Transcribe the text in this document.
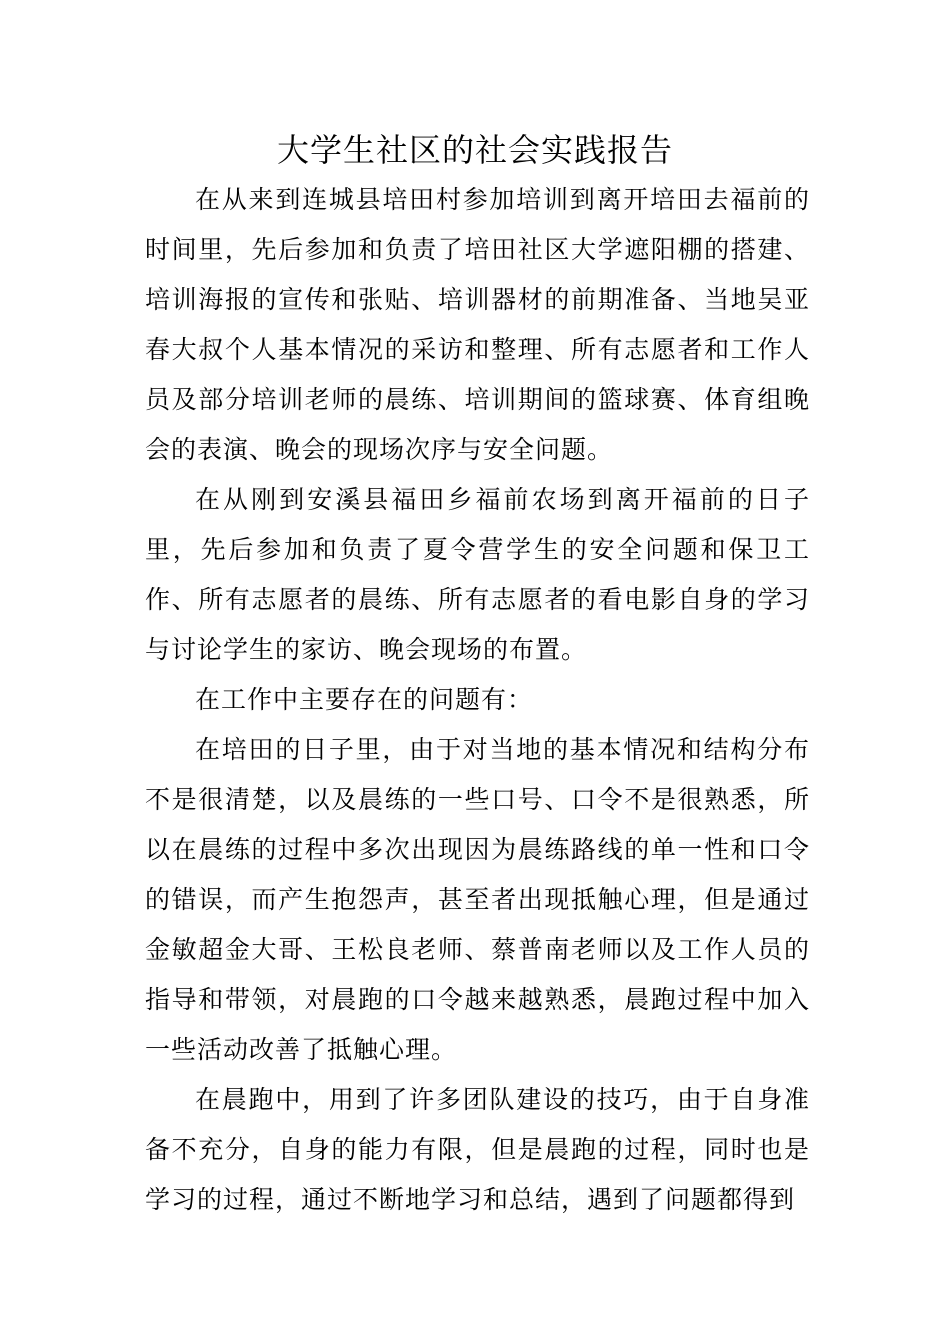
大学生社区的社会实践报告

在从来到连城县培田村参加培训到离开培田去福前的时间里，先后参加和负责了培田社区大学遮阳棚的搭建、培训海报的宣传和张贴、培训器材的前期准备、当地吴亚春大叔个人基本情况的采访和整理、所有志愿者和工作人员及部分培训老师的晨练、培训期间的篮球赛、体育组晚会的表演、晚会的现场次序与安全问题。

在从刚到安溪县福田乡福前农场到离开福前的日子里，先后参加和负责了夏令营学生的安全问题和保卫工作、所有志愿者的晨练、所有志愿者的看电影自身的学习与讨论学生的家访、晚会现场的布置。

在工作中主要存在的问题有：

在培田的日子里，由于对当地的基本情况和结构分布不是很清楚，以及晨练的一些口号、口令不是很熟悉，所以在晨练的过程中多次出现因为晨练路线的单一性和口令的错误，而产生抱怨声，甚至者出现抵触心理，但是通过金敏超金大哥、王松良老师、蔡普南老师以及工作人员的指导和带领，对晨跑的口令越来越熟悉，晨跑过程中加入一些活动改善了抵触心理。

在晨跑中，用到了许多团队建设的技巧，由于自身准备不充分，自身的能力有限，但是晨跑的过程，同时也是学习的过程，通过不断地学习和总结，遇到了问题都得到
